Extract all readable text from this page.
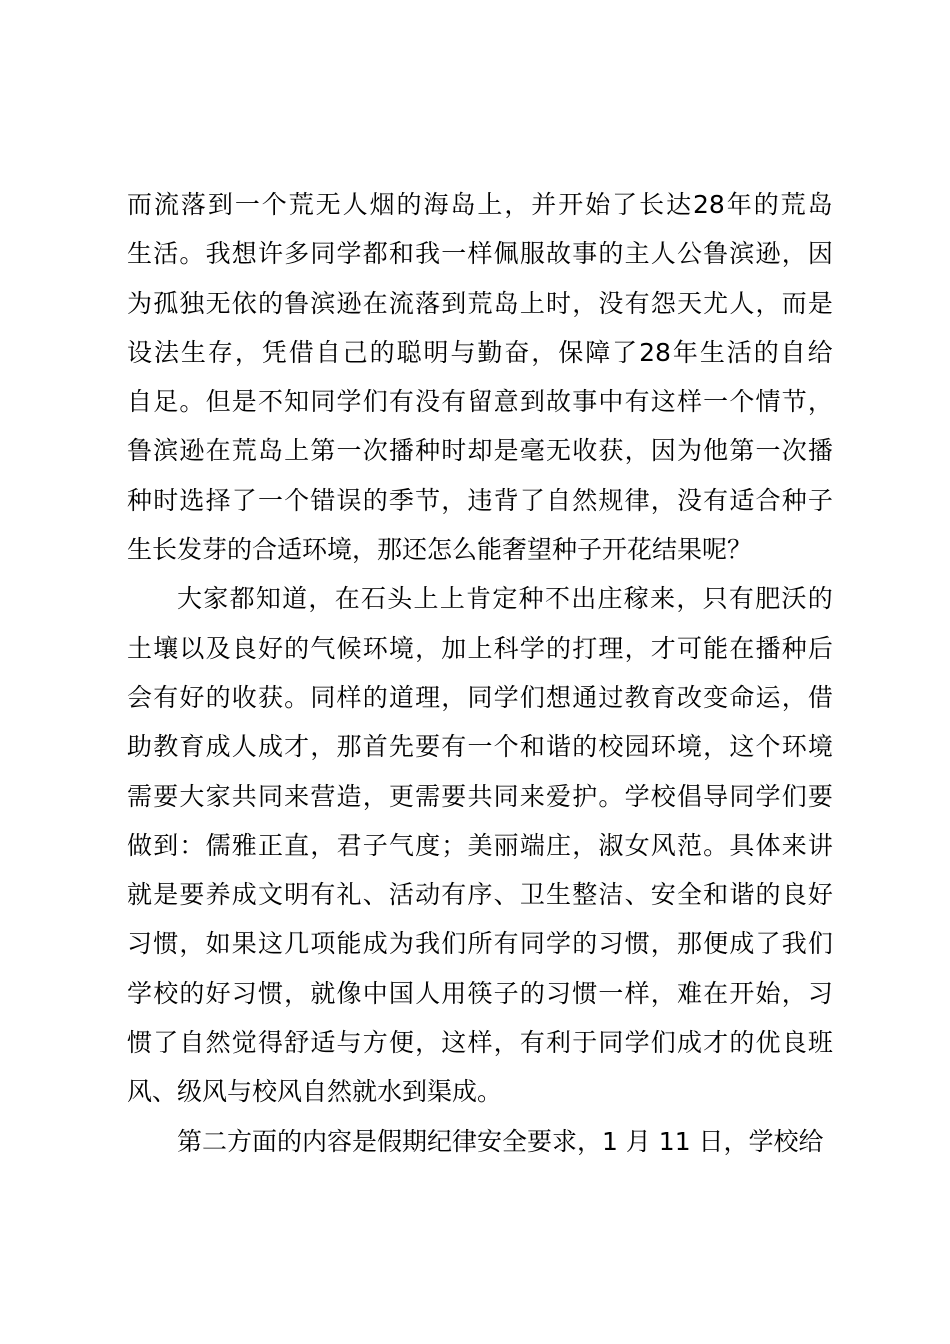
而 流 落 到 一 个 荒 无 人 烟 的 海 岛 上 ， 并 开 始 了 长 达 28 年 的 荒 岛
生 活 。 我 想 许 多 同 学 都 和 我 一 样 佩 服 故 事 的 主 人 公 鲁 滨 逊 ， 因
为 孤 独 无 依 的 鲁 滨 逊 在 流 落 到 荒 岛 上 时 ， 没 有 怨 天 尤 人 ， 而 是
设 法 生 存 ， 凭 借 自 己 的 聪 明 与 勤 奋 ， 保 障 了 28 年 生 活 的 自 给
自 足 。 但 是 不 知 同 学 们 有 没 有 留 意 到 故 事 中 有 这 样 一 个 情 节 ，
鲁 滨 逊 在 荒 岛 上 第 一 次 播 种 时 却 是 毫 无 收 获 ， 因 为 他 第 一 次 播
种 时 选 择 了 一 个 错 误 的 季 节 ， 违 背 了 自 然 规 律 ， 没 有 适 合 种 子
生长发芽的合适环境，那还怎么能奢望种子开花结果呢？
大 家 都 知 道 ， 在 石 头 上 上 肯 定 种 不 出 庄 稼 来 ， 只 有 肥 沃 的
土 壤 以 及 良 好 的 气 候 环 境 ， 加 上 科 学 的 打 理 ， 才 可 能 在 播 种 后
会 有 好 的 收 获 。 同 样 的 道 理 ， 同 学 们 想 通 过 教 育 改 变 命 运 ， 借
助 教 育 成 人 成 才 ， 那 首 先 要 有 一 个 和 谐 的 校 园 环 境 ， 这 个 环 境
需 要 大 家 共 同 来 营 造 ， 更 需 要 共 同 来 爱 护 。 学 校 倡 导 同 学 们 要
做 到 ： 儒 雅 正 直 ， 君 子 气 度 ； 美 丽 端 庄 ， 淑 女 风 范 。 具 体 来 讲
就 是 要 养 成 文 明 有 礼 、 活 动 有 序 、 卫 生 整 洁 、 安 全 和 谐 的 良 好
习 惯 ， 如 果 这 几 项 能 成 为 我 们 所 有 同 学 的 习 惯 ， 那 便 成 了 我 们
学 校 的 好 习 惯 ， 就 像 中 国 人 用 筷 子 的 习 惯 一 样 ， 难 在 开 始 ， 习
惯 了 自 然 觉 得 舒 适 与 方 便 ， 这 样 ， 有 利 于 同 学 们 成 才 的 优 良 班
风、级风与校风自然就水到渠成。
第二方面的内容是假期纪律安全要求，1 月 11 日，学校给
